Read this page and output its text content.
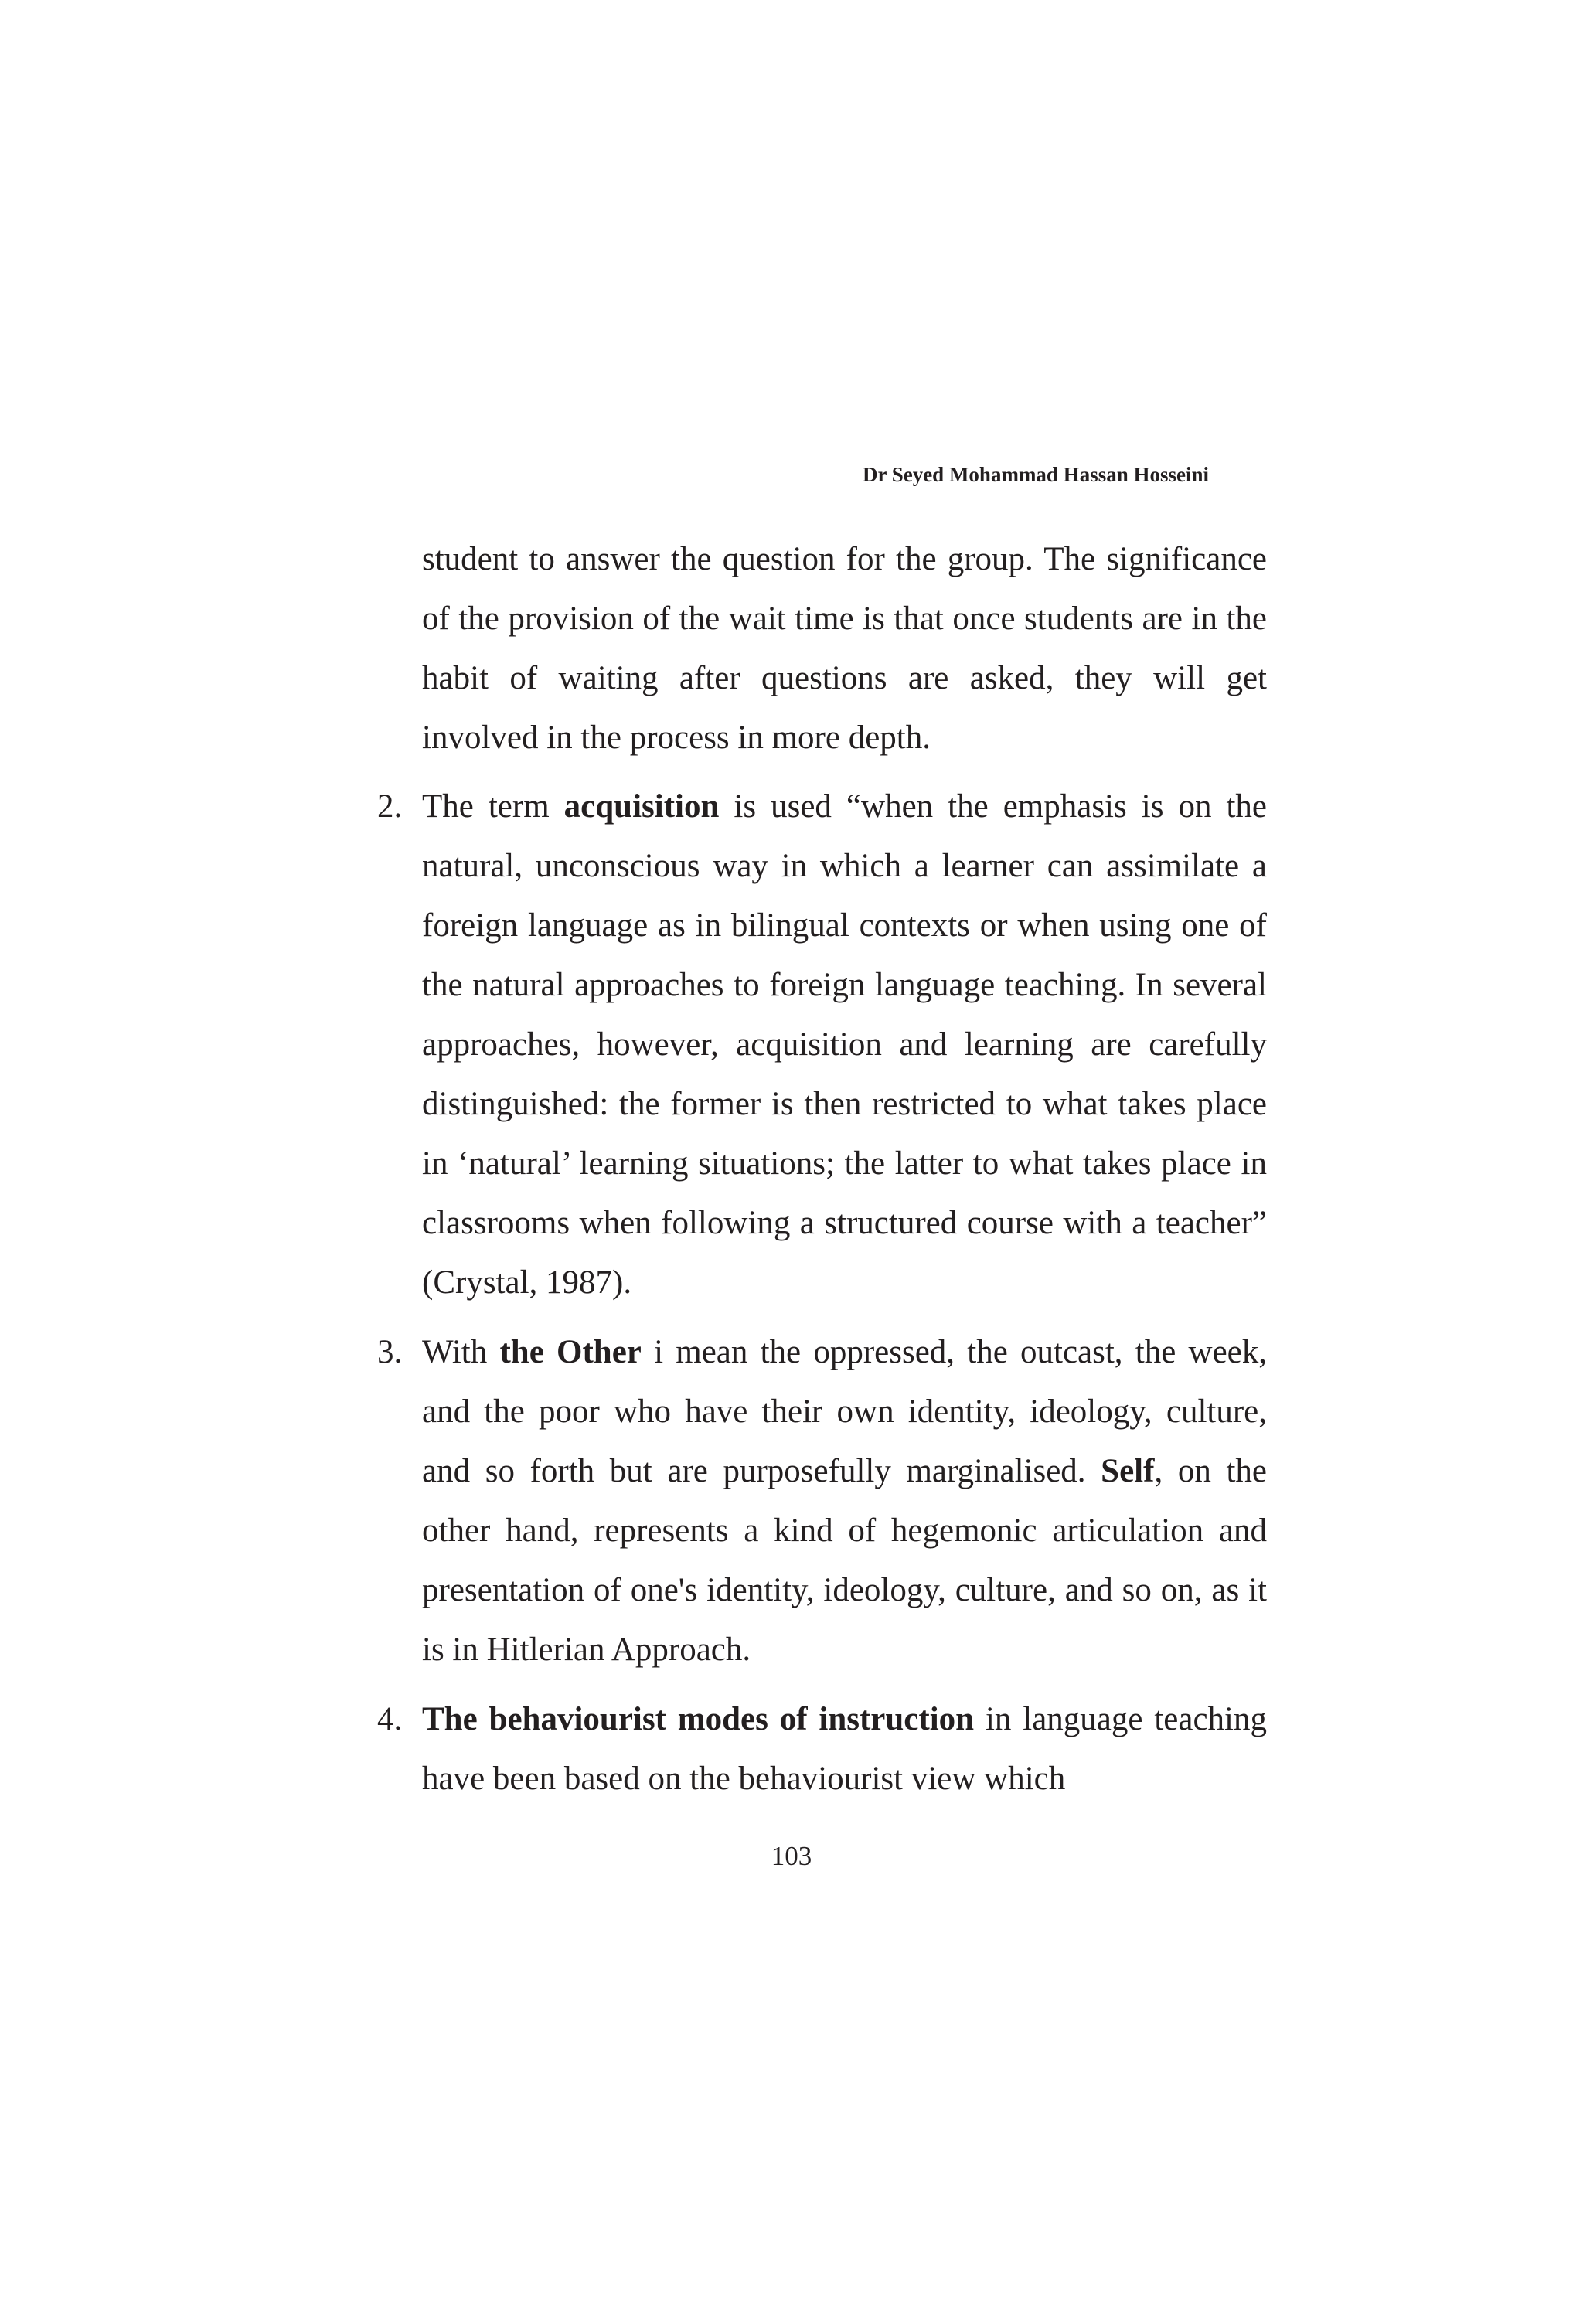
Dr Seyed Mohammad Hassan Hosseini
student to answer the question for the group. The significance of the provision of the wait time is that once students are in the habit of waiting after questions are asked, they will get involved in the process in more depth.
2. The term acquisition is used “when the emphasis is on the natural, unconscious way in which a learner can assimilate a foreign language as in bilingual contexts or when using one of the natural approaches to foreign language teaching. In several approaches, however, acquisition and learning are carefully distinguished: the former is then restricted to what takes place in ‘natural’ learning situations; the latter to what takes place in classrooms when following a structured course with a teacher” (Crystal, 1987).
3. With the Other i mean the oppressed, the outcast, the week, and the poor who have their own identity, ideology, culture, and so forth but are purposefully marginalised. Self, on the other hand, represents a kind of hegemonic articulation and presentation of one's identity, ideology, culture, and so on, as it is in Hitlerian Approach.
4. The behaviourist modes of instruction in language teaching have been based on the behaviourist view which
103
